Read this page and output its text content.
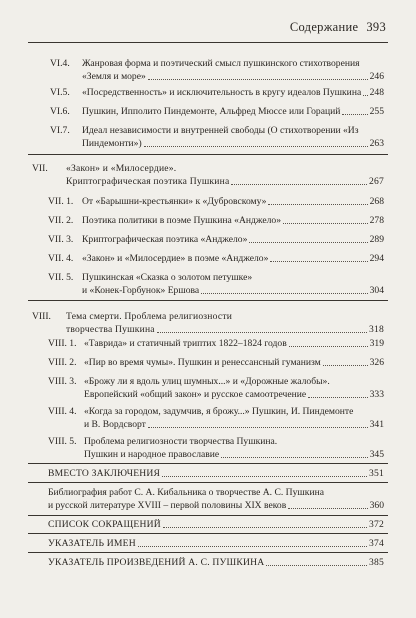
Содержание 393
VI.4. Жанровая форма и поэтический смысл пушкинского стихотворения
«Земля и море»	246
VI.5. «Посредственность» и исключительность в кругу идеалов Пушкина 248
VI.6. Пушкин, Ипполито Пиндемонте, Альфред Мюссе или Гораций	255
VI.7. Идеал независимости и внутренней свободы (О стихотворении «Из
Пиндемонти»)	263
VII. «Закон» и «Милосердие».
Криптографическая поэтика Пушкина	267
VII. 1. От «Барышни-крестьянки» к «Дубровскому»	268
VII. 2. Поэтика политики в поэме Пушкина «Анджело»	278
VII. 3. Криптографическая поэтика «Анджело»	289
VII. 4. «Закон» и «Милосердие» в поэме «Анджело»	294
VII. 5. Пушкинская «Сказка о золотом петушке»
и «Конек-Горбунок» Ершова	304
VIII. Тема смерти. Проблема религиозности
творчества Пушкина	318
VIII. 1. «Таврида» и статичный триптих 1822–1824 годов	319
VIII. 2. «Пир во время чумы». Пушкин и ренессансный гуманизм	326
VIII. 3. «Брожу ли я вдоль улиц шумных...» и «Дорожные жалобы».
Европейский «общий закон» и русское самоотречение	333
VIII. 4. «Когда за городом, задумчив, я брожу...» Пушкин, И. Пиндемонте
и В. Вордсворт	341
VIII. 5. Проблема религиозности творчества Пушкина.
Пушкин и народное православие	345
ВМЕСТО ЗАКЛЮЧЕНИЯ	351
Библиография работ С. А. Кибальника о творчестве А. С. Пушкина
и русской литературе XVIII – первой половины XIX веков	360
СПИСОК СОКРАЩЕНИЙ	372
УКАЗАТЕЛЬ ИМЕН	374
УКАЗАТЕЛЬ ПРОИЗВЕДЕНИЙ А. С. ПУШКИНА	385
